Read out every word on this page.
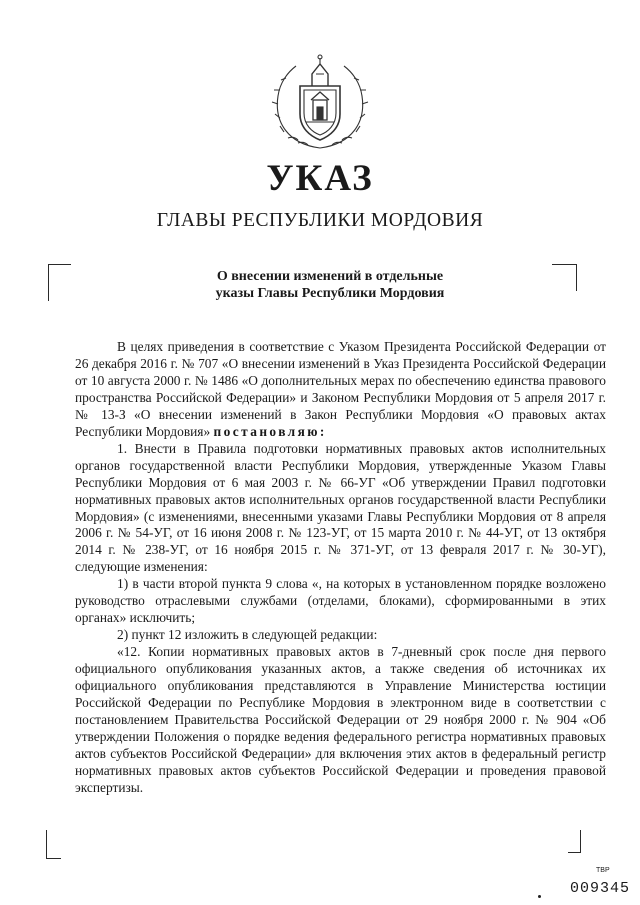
УКАЗ
ГЛАВЫ РЕСПУБЛИКИ МОРДОВИЯ
О внесении изменений в отдельные
указы Главы Республики Мордовия

В целях приведения в соответствие с Указом Президента Российской Федерации от 26 декабря 2016 г. № 707 «О внесении изменений в Указ Президента Российской Федерации от 10 августа 2000 г. № 1486 «О дополнительных мерах по обеспечению единства правового пространства Российской Федерации» и Законом Республики Мордовия от 5 апреля 2017 г. № 13-З «О внесении изменений в Закон Республики Мордовия «О правовых актах Республики Мордовия» постановляю:

1. Внести в Правила подготовки нормативных правовых актов исполнительных органов государственной власти Республики Мордовия, утвержденные Указом Главы Республики Мордовия от 6 мая 2003 г. № 66-УГ «Об утверждении Правил подготовки нормативных правовых актов исполнительных органов государственной власти Республики Мордовия» (с изменениями, внесенными указами Главы Республики Мордовия от 8 апреля 2006 г. № 54-УГ, от 16 июня 2008 г. № 123-УГ, от 15 марта 2010 г. № 44-УГ, от 13 октября 2014 г. № 238-УГ, от 16 ноября 2015 г. № 371-УГ, от 13 февраля 2017 г. № 30-УГ), следующие изменения:

1) в части второй пункта 9 слова «, на которых в установленном порядке возложено руководство отраслевыми службами (отделами, блоками), сформированными в этих органах» исключить;

2) пункт 12 изложить в следующей редакции:

«12. Копии нормативных правовых актов в 7-дневный срок после дня первого официального опубликования указанных актов, а также сведения об источниках их официального опубликования представляются в Управление Министерства юстиции Российской Федерации по Республике Мордовия в электронном виде в соответствии с постановлением Правительства Российской Федерации от 29 ноября 2000 г. № 904 «Об утверждении Положения о порядке ведения федерального регистра нормативных правовых актов субъектов Российской Федерации» для включения этих актов в федеральный регистр нормативных правовых актов субъектов Российской Федерации и проведения правовой экспертизы.

ТВР
009345
